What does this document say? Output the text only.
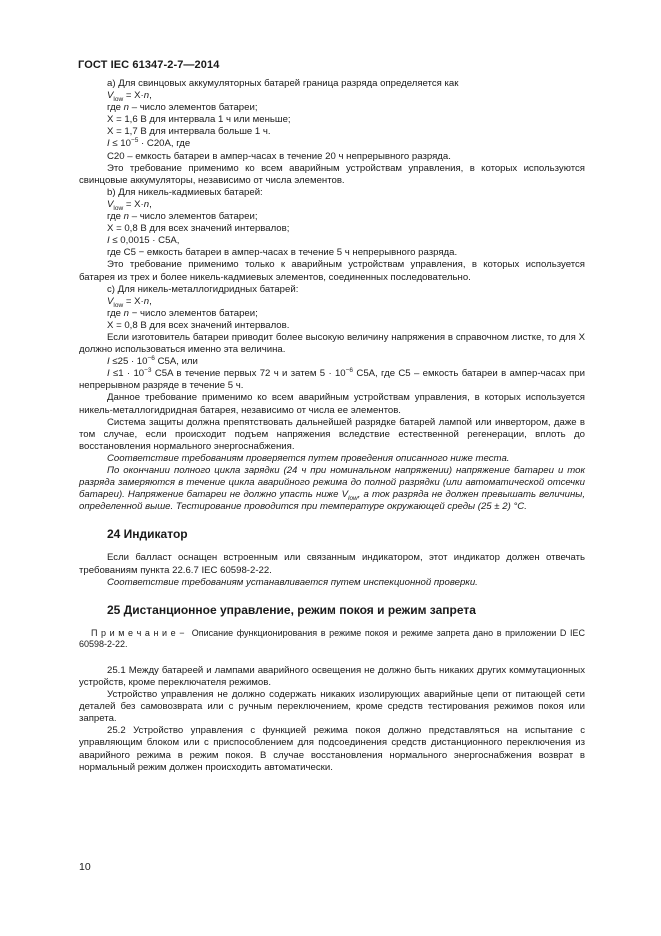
ГОСТ IEC 61347-2-7—2014

а) Для свинцовых аккумуляторных батарей граница разряда определяется как

$V_{low} = X\cdot n$,

где n – число элементов батареи;

X = 1,6 В для интервала 1 ч или меньше;

X = 1,7 В для интервала больше 1 ч.

$I \le 10^{-5} \cdot C20A$, где

C20 – емкость батареи в ампер-часах в течение 20 ч непрерывного разряда.

Это требование применимо ко всем аварийным устройствам управления, в которых используются свинцовые аккумуляторы, независимо от числа элементов.

b) Для никель-кадмиевых батарей:

$V_{low} = X\cdot n$,

где n – число элементов батареи;

X = 0,8 В для всех значений интервалов;

I ≤ 0,0015 · C5A,

где C5 − емкость батареи в ампер-часах в течение 5 ч непрерывного разряда.

Это требование применимо только к аварийным устройствам управления, в которых используется батарея из трех и более никель-кадмиевых элементов, соединенных последовательно.

c) Для никель-металлогидридных батарей:

$V_{low} = X\cdot n$,

где n − число элементов батареи;

X = 0,8 В для всех значений интервалов.

Если изготовитель батареи приводит более высокую величину напряжения в справочном листке, то для X должно использоваться именно эта величина.

$I \le 25 \cdot 10^{-6}$ C5A, или

$I \le 1 \cdot 10^{-3}$ C5A в течение первых 72 ч и затем $5 \cdot 10^{-6}$ C5A, где C5 – емкость батареи в ампер-часах при непрерывном разряде в течение 5 ч.

Данное требование применимо ко всем аварийным устройствам управления, в которых используется никель-металлогидридная батарея, независимо от числа ее элементов.

Система защиты должна препятствовать дальнейшей разрядке батарей лампой или инвертором, даже в том случае, если происходит подъем напряжения вследствие естественной регенерации, вплоть до восстановления нормального энергоснабжения.

Соответствие требованиям проверяется путем проведения описанного ниже теста.

По окончании полного цикла зарядки (24 ч при номинальном напряжении) напряжение батареи и ток разряда замеряются в течение цикла аварийного режима до полной разрядки (или автоматической отсечки батареи). Напряжение батареи не должно упасть ниже $V_{low}$, а ток разряда не должен превышать величины, определенной выше. Тестирование проводится при температуре окружающей среды (25 ± 2) °С.

24 Индикатор

Если балласт оснащен встроенным или связанным индикатором, этот индикатор должен отвечать требованиям пункта 22.6.7 IEC 60598-2-22.

Соответствие требованиям устанавливается путем инспекционной проверки.

25 Дистанционное управление, режим покоя и режим запрета

П р и м е ч а н и е − Описание функционирования в режиме покоя и режиме запрета дано в приложении D IEC 60598-2-22.

25.1 Между батареей и лампами аварийного освещения не должно быть никаких других коммутационных устройств, кроме переключателя режимов.

Устройство управления не должно содержать никаких изолирующих аварийные цепи от питающей сети деталей без самовозврата или с ручным переключением, кроме средств тестирования режимов покоя или запрета.

25.2 Устройство управления с функцией режима покоя должно представляться на испытание с управляющим блоком или с приспособлением для подсоединения средств дистанционного переключения из аварийного режима в режим покоя. В случае восстановления нормального энергоснабжения возврат в нормальный режим должен происходить автоматически.

10
